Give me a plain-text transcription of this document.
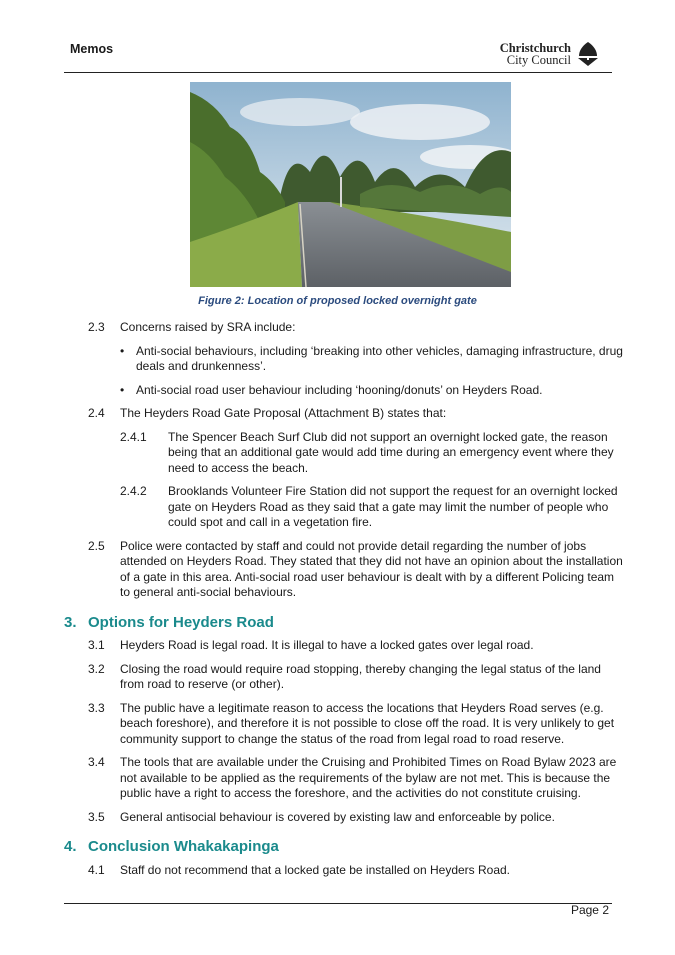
Memos	Christchurch
City Council
Figure 2: Location of proposed locked overnight gate
2.3	Concerns raised by SRA include:
• Anti-social behaviours, including ‘breaking into other vehicles, damaging infrastructure, drug deals and drunkenness’.
• Anti-social road user behaviour including ‘hooning/donuts’ on Heyders Road.
2.4	The Heyders Road Gate Proposal (Attachment B) states that:
2.4.1	The Spencer Beach Surf Club did not support an overnight locked gate, the reason being that an additional gate would add time during an emergency event where they need to access the beach.
2.4.2	Brooklands Volunteer Fire Station did not support the request for an overnight locked gate on Heyders Road as they said that a gate may limit the number of people who could spot and call in a vegetation fire.
2.5	Police were contacted by staff and could not provide detail regarding the number of jobs attended on Heyders Road. They stated that they did not have an opinion about the installation of a gate in this area. Anti-social road user behaviour is dealt with by a different Policing team to general anti-social behaviours.
3. Options for Heyders Road
3.1	Heyders Road is legal road. It is illegal to have a locked gates over legal road.
3.2	Closing the road would require road stopping, thereby changing the legal status of the land from road to reserve (or other).
3.3	The public have a legitimate reason to access the locations that Heyders Road serves (e.g. beach foreshore), and therefore it is not possible to close off the road. It is very unlikely to get community support to change the status of the road from legal road to road reserve.
3.4	The tools that are available under the Cruising and Prohibited Times on Road Bylaw 2023 are not available to be applied as the requirements of the bylaw are not met. This is because the public have a right to access the foreshore, and the activities do not constitute cruising.
3.5	General antisocial behaviour is covered by existing law and enforceable by police.
4. Conclusion Whakakapinga
4.1	Staff do not recommend that a locked gate be installed on Heyders Road.
Page 2
